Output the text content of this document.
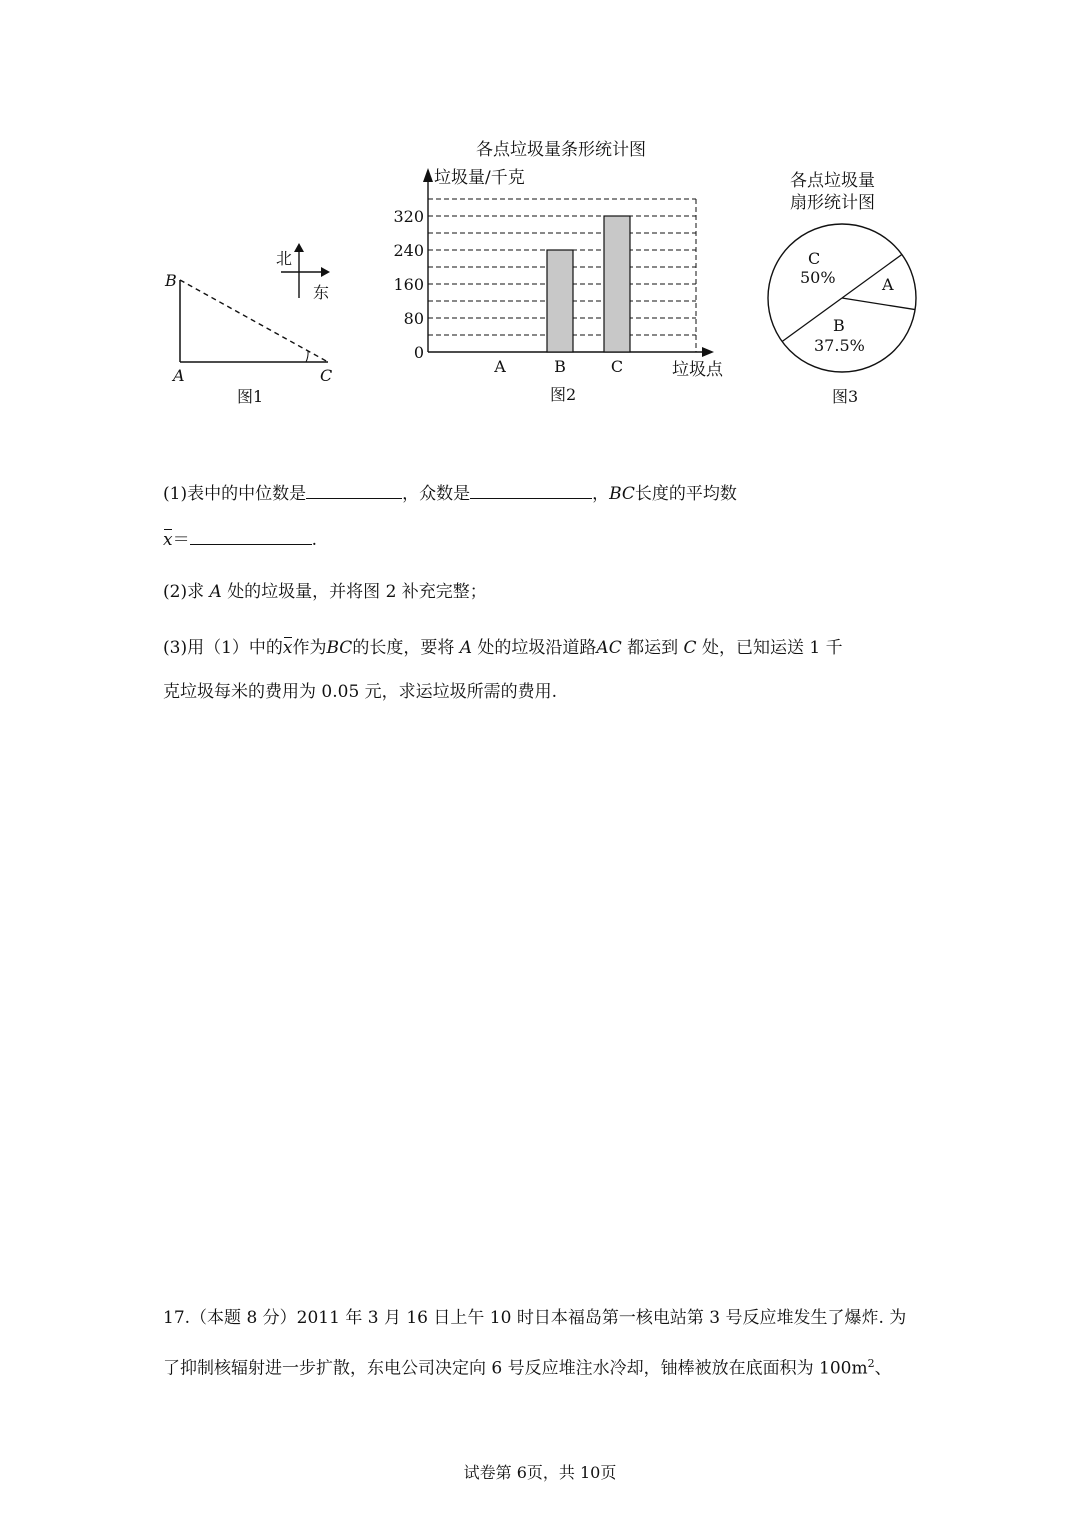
B
A	C
北
东
图1
各点垃圾量条形统计图
垃圾量/千克
垃圾点
0
80
160
240
320
A	B	C
图2
各点垃圾量
扇形统计图
C
50%	A
B
37.5%
图3
(1)表中的中位数是	，众数是	，BC长度的平均数
x＝	.
(2)求 A 处的垃圾量，并将图 2 补充完整；
(3)用（1）中的x作为BC的长度，要将 A 处的垃圾沿道路AC 都运到 C 处，已知运送 1 千
克垃圾每米的费用为 0.05 元，求运垃圾所需的费用.
17.（本题 8 分）2011 年 3 月 16 日上午 10 时日本福岛第一核电站第 3 号反应堆发生了爆炸. 为
了抑制核辐射进一步扩散，东电公司决定向 6 号反应堆注水冷却，铀棒被放在底面积为 $100m^2$、
试卷第 6页，共 10页
